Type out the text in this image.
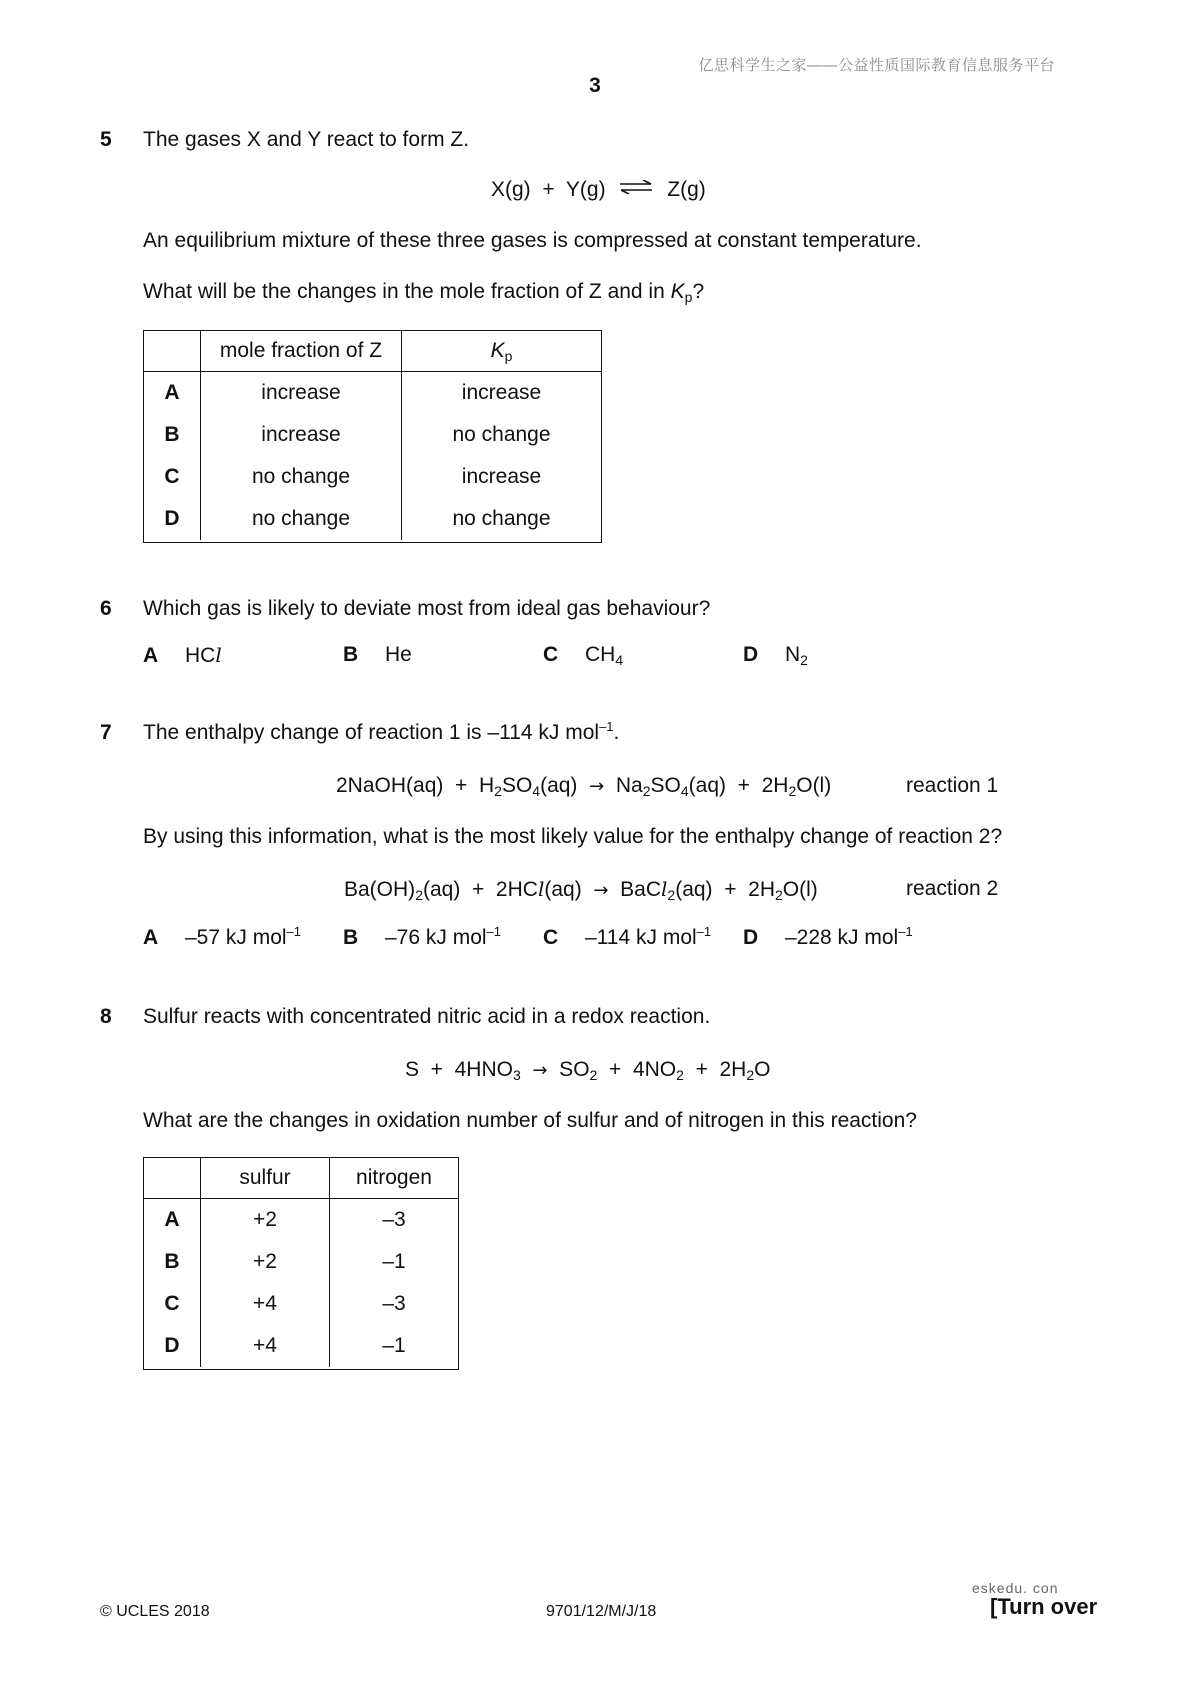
亿思科学生之家——公益性质国际教育信息服务平台
3
5 The gases X and Y react to form Z.
X(g)  +  Y(g) ⇌ Z(g)
An equilibrium mixture of these three gases is compressed at constant temperature.
What will be the changes in the mole fraction of Z and in $K_p$?
	mole fraction of Z	$K_p$
A	increase	increase
B	increase	no change
C	no change	increase
D	no change	no change
6 Which gas is likely to deviate most from ideal gas behaviour?
A HCl	B He	C $CH_4$	D $N_2$
7 The enthalpy change of reaction 1 is –114 kJ mol$^{-1}$.
2NaOH(aq)  +  $H_2SO_4(aq) \to Na_2SO_4(aq) + 2H_2O(l)$	reaction 1
By using this information, what is the most likely value for the enthalpy change of reaction 2?
$Ba(OH)_2(aq) + 2HCl(aq)$  →  BaCl$_2$(aq)  +  $2H_2O(l)$	reaction 2
A –57 kJ mol$^{-1}$ B –76 kJ mol$^{-1}$ C –114 kJ mol$^{-1}$ D –228 kJ mol$^{-1}$
8 Sulfur reacts with concentrated nitric acid in a redox reaction.
$S + 4HNO_3 \to SO_2 + 4NO_2 + 2H_2O$
What are the changes in oxidation number of sulfur and of nitrogen in this reaction?
	sulfur	nitrogen
A	+2	–3
B	+2	–1
C	+4	–3
D	+4	–1
© UCLES 2018	9701/12/M/J/18
eskedu. con
[Turn over
